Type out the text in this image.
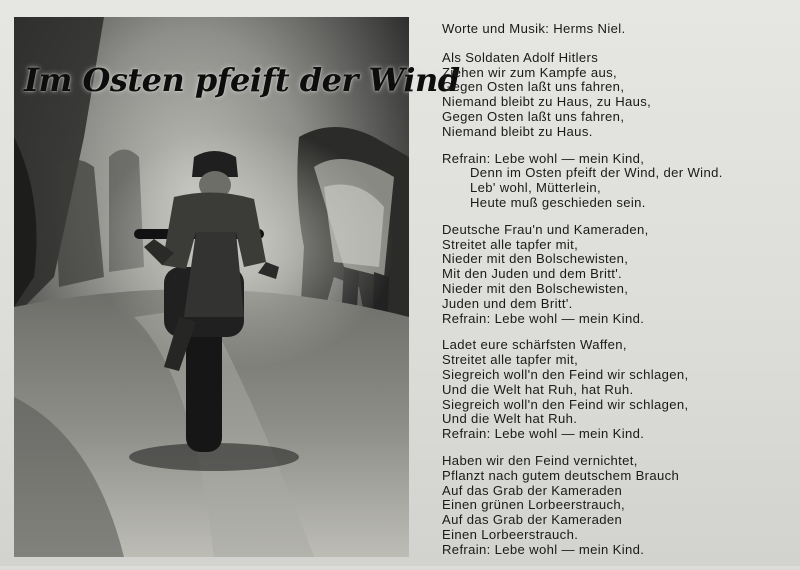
Im Osten pfeift der Wind
Worte und Musik: Herms Niel.
Als Soldaten Adolf Hitlers
Ziehen wir zum Kampfe aus,
Gegen Osten laßt uns fahren,
Niemand bleibt zu Haus, zu Haus,
Gegen Osten laßt uns fahren,
Niemand bleibt zu Haus.
Refrain: Lebe wohl — mein Kind,
Denn im Osten pfeift der Wind, der Wind.
Leb' wohl, Mütterlein,
Heute muß geschieden sein.
Deutsche Frau'n und Kameraden,
Streitet alle tapfer mit,
Nieder mit den Bolschewisten,
Mit den Juden und dem Britt'.
Nieder mit den Bolschewisten,
Juden und dem Britt'.
Refrain: Lebe wohl — mein Kind.
Ladet eure schärfsten Waffen,
Streitet alle tapfer mit,
Siegreich woll'n den Feind wir schlagen,
Und die Welt hat Ruh, hat Ruh.
Siegreich woll'n den Feind wir schlagen,
Und die Welt hat Ruh.
Refrain: Lebe wohl — mein Kind.
Haben wir den Feind vernichtet,
Pflanzt nach gutem deutschem Brauch
Auf das Grab der Kameraden
Einen grünen Lorbeerstrauch,
Auf das Grab der Kameraden
Einen Lorbeerstrauch.
Refrain: Lebe wohl — mein Kind.
